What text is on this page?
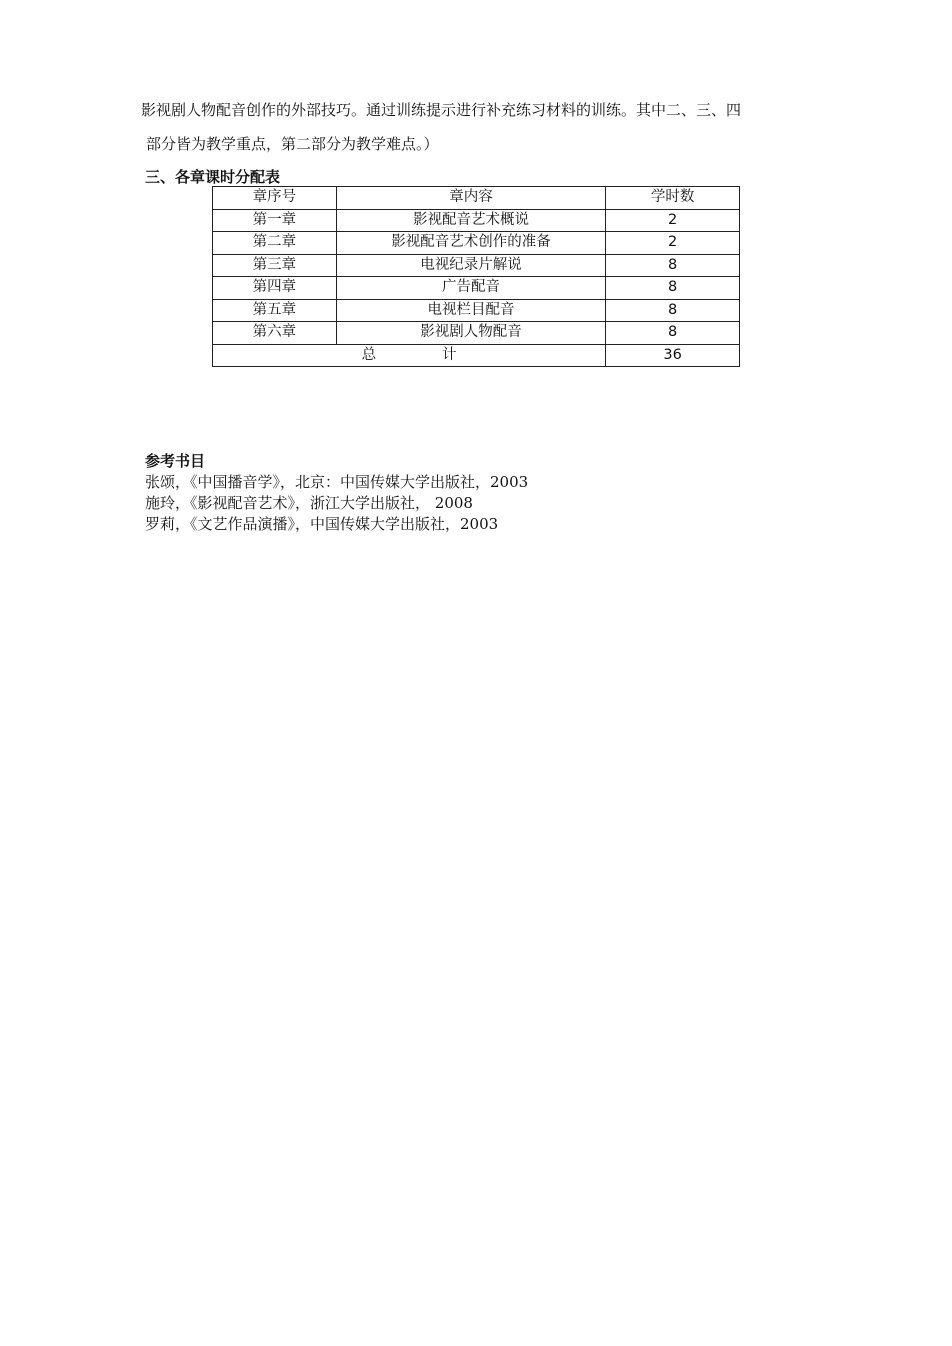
影视剧人物配音创作的外部技巧。通过训练提示进行补充练习材料的训练。其中二、三、四
部分皆为教学重点，第二部分为教学难点。）
三、各章课时分配表
章序号	章内容	学时数
第一章	影视配音艺术概说	2
第二章	影视配音艺术创作的准备	2
第三章	电视纪录片解说	8
第四章	广告配音	8
第五章	电视栏目配音	8
第六章	影视剧人物配音	8
总 计		36
参考书目
张颂，《中国播音学》，北京：中国传媒大学出版社，2003
施玲，《影视配音艺术》，浙江大学出版社， 2008
罗莉，《文艺作品演播》，中国传媒大学出版社，2003
